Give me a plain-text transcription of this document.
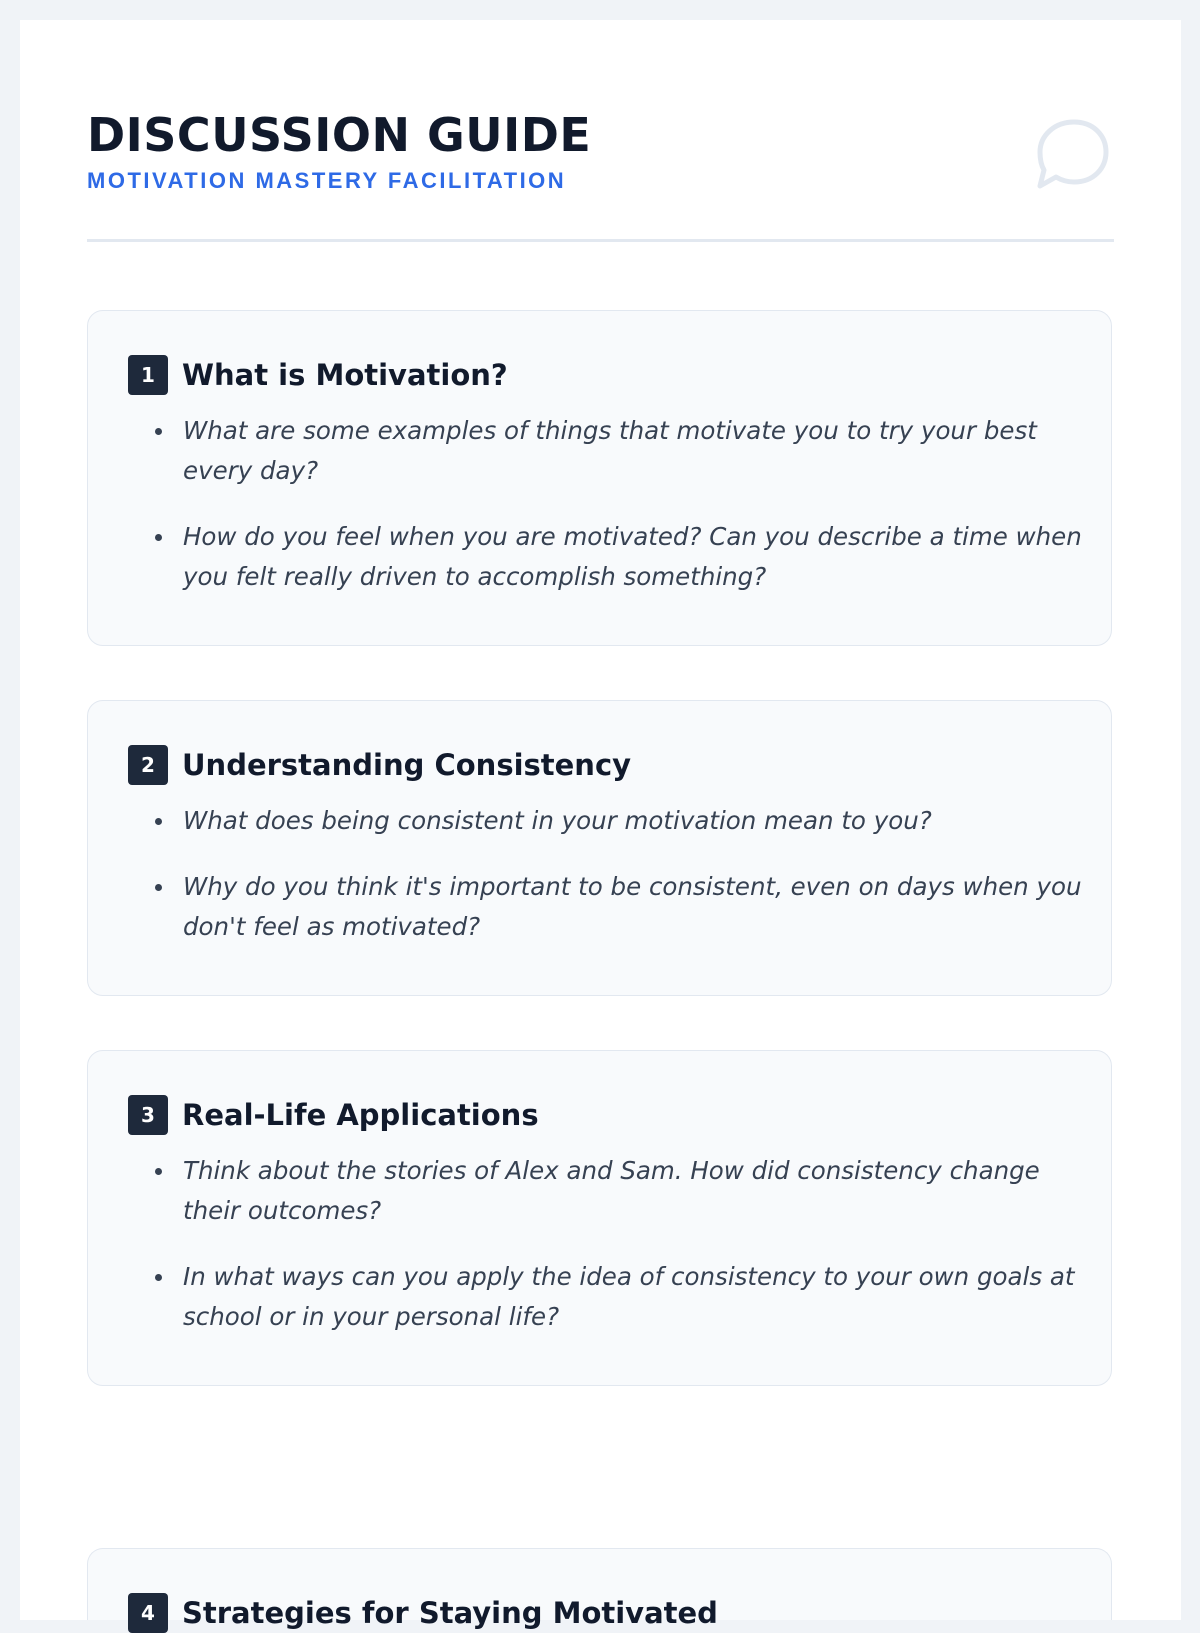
DISCUSSION GUIDE
MOTIVATION MASTERY FACILITATION
1 What is Motivation?
What are some examples of things that motivate you to try your best every day?
How do you feel when you are motivated? Can you describe a time when you felt really driven to accomplish something?
2 Understanding Consistency
What does being consistent in your motivation mean to you?
Why do you think it's important to be consistent, even on days when you don't feel as motivated?
3 Real-Life Applications
Think about the stories of Alex and Sam. How did consistency change their outcomes?
In what ways can you apply the idea of consistency to your own goals at school or in your personal life?
4 Strategies for Staying Motivated
